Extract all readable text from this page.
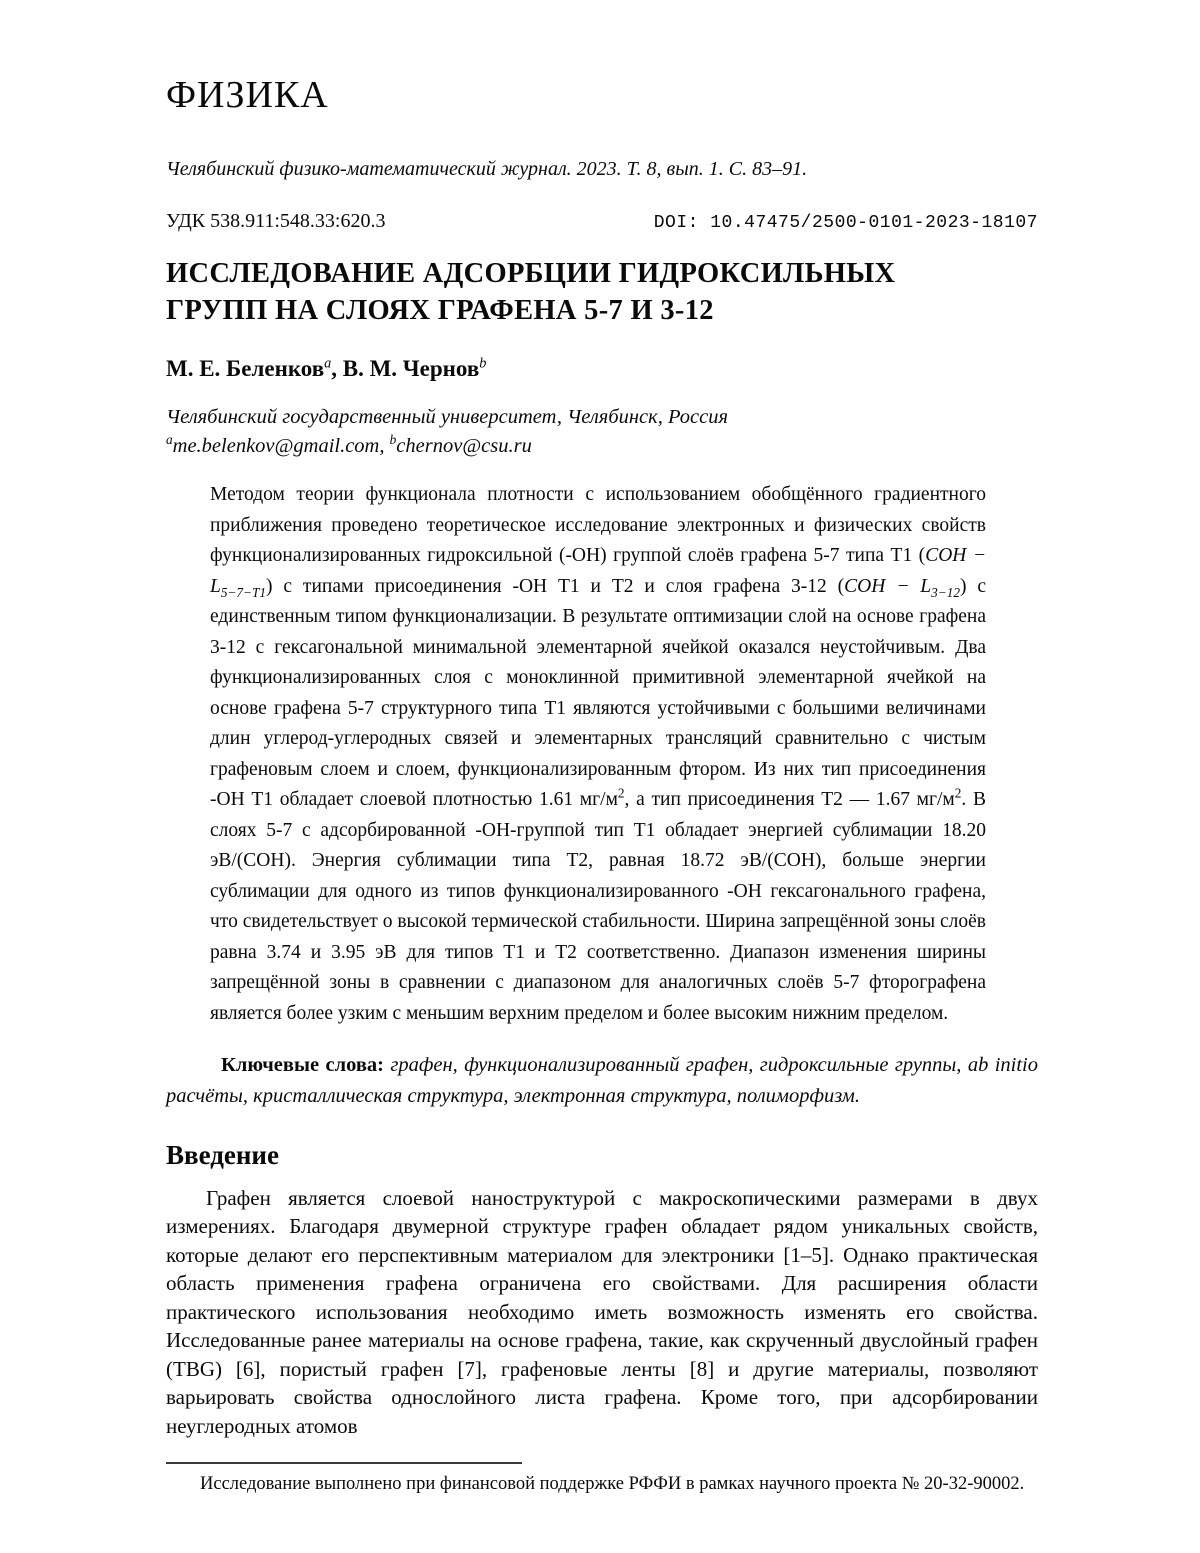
ФИЗИКА
Челябинский физико-математический журнал. 2023. Т. 8, вып. 1. С. 83–91.
УДК 538.911:548.33:620.3	DOI: 10.47475/2500-0101-2023-18107
ИССЛЕДОВАНИЕ АДСОРБЦИИ ГИДРОКСИЛЬНЫХ
ГРУПП НА СЛОЯХ ГРАФЕНА 5-7 И 3-12
М. Е. Беленков$^a$, В. М. Чернов$^b$
Челябинский государственный университет, Челябинск, Россия
$^a$me.belenkov@gmail.com, $^b$chernov@csu.ru

Методом теории функционала плотности с использованием обобщённого градиентного приближения проведено теоретическое исследование электронных и физических свойств функционализированных гидроксильной (-ОН) группой слоёв графена 5-7 типа Т1 $(COH - L_{5-7-T1})$ с типами присоединения -ОН Т1 и Т2 и слоя графена 3-12 $(COH - L_{3-12})$ с единственным типом функционализации. В результате оптимизации слой на основе графена 3-12 с гексагональной минимальной элементарной ячейкой оказался неустойчивым. Два функционализированных слоя с моноклинной примитивной элементарной ячейкой на основе графена 5-7 структурного типа Т1 являются устойчивыми с большими величинами длин углерод-углеродных связей и элементарных трансляций сравнительно с чистым графеновым слоем и слоем, функционализированным фтором. Из них тип присоединения -ОН Т1 обладает слоевой плотностью 1.61 $мг/м^2$, а тип присоединения Т2 — 1.67 $мг/м^2$. В слоях 5-7 с адсорбированной -ОН-группой тип Т1 обладает энергией сублимации 18.20 эВ/(СОН). Энергия сублимации типа Т2, равная 18.72 эВ/(СОН), больше энергии сублимации для одного из типов функционализированного -ОН гексагонального графена, что свидетельствует о высокой термической стабильности. Ширина запрещённой зоны слоёв равна 3.74 и 3.95 эВ для типов Т1 и Т2 соответственно. Диапазон изменения ширины запрещённой зоны в сравнении с диапазоном для аналогичных слоёв 5-7 фторографена является более узким с меньшим верхним пределом и более высоким нижним пределом.

Ключевые слова: графен, функционализированный графен, гидроксильные группы, ab initio расчёты, кристаллическая структура, электронная структура, полиморфизм.

Введение

Графен является слоевой наноструктурой с макроскопическими размерами в двух измерениях. Благодаря двумерной структуре графен обладает рядом уникальных свойств, которые делают его перспективным материалом для электроники [1–5]. Однако практическая область применения графена ограничена его свойствами. Для расширения области практического использования необходимо иметь возможность изменять его свойства. Исследованные ранее материалы на основе графена, такие, как скрученный двуслойный графен (TBG) [6], пористый графен [7], графеновые ленты [8] и другие материалы, позволяют варьировать свойства однослойного листа графена. Кроме того, при адсорбировании неуглеродных атомов

Исследование выполнено при финансовой поддержке РФФИ в рамках научного проекта № 20-32-90002.
